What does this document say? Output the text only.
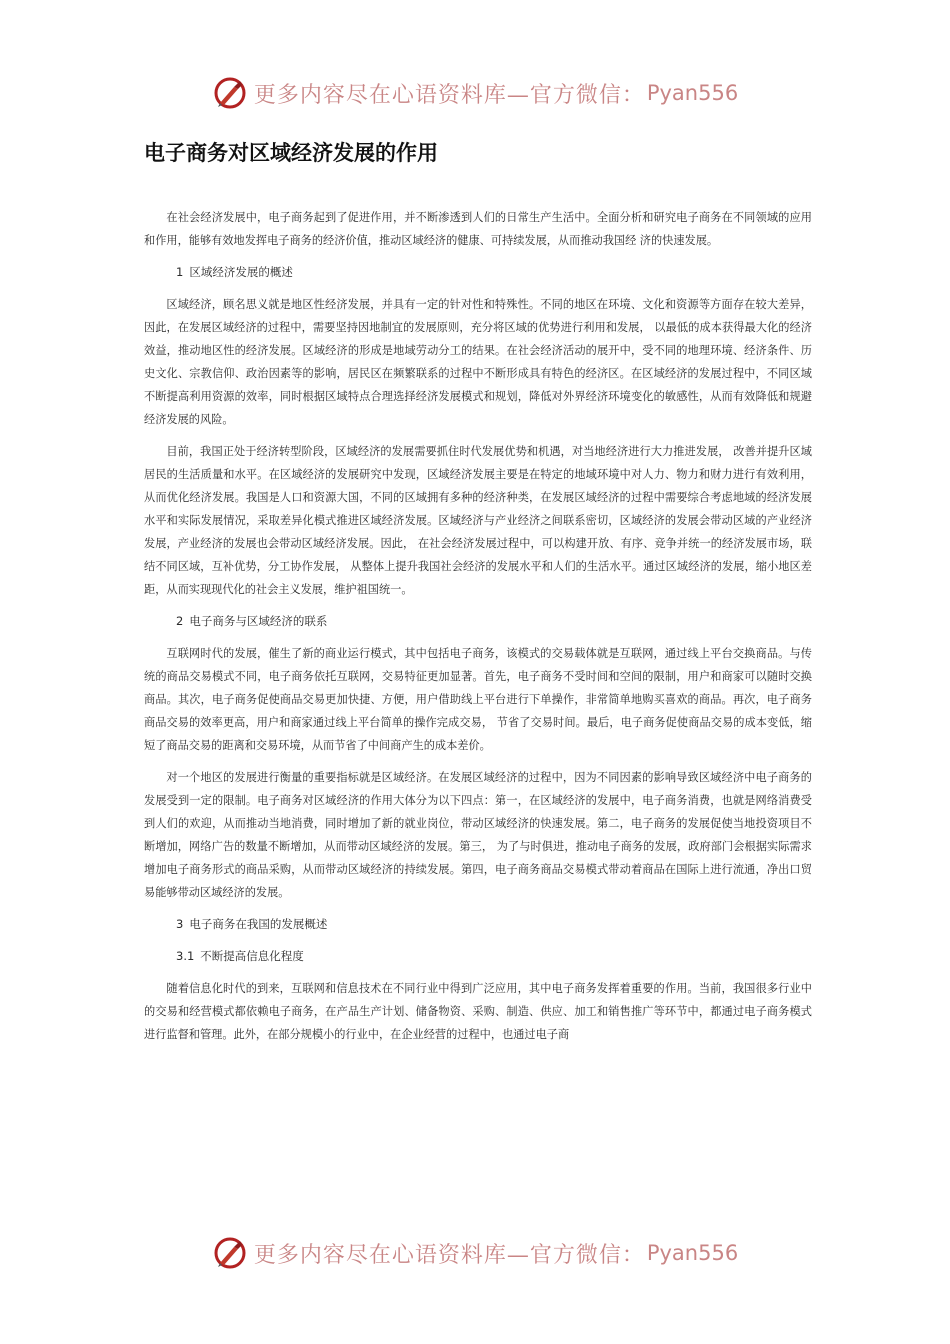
更多内容尽在心语资料库—官方微信： Pyan556
电子商务对区域经济发展的作用
在社会经济发展中，电子商务起到了促进作用，并不断渗透到人们的日常生产生活中。全面分析和研究电子商务在不同领域的应用和作用，能够有效地发挥电子商务的经济价值，推动区域经济的健康、可持续发展，从而推动我国经 济的快速发展。
1 区域经济发展的概述
区域经济，顾名思义就是地区性经济发展，并具有一定的针对性和特殊性。不同的地区在环境、文化和资源等方面存在较大差异，因此，在发展区域经济的过程中，需要坚持因地制宜的发展原则，充分将区域的优势进行利用和发展， 以最低的成本获得最大化的经济效益，推动地区性的经济发展。区域经济的形成是地域劳动分工的结果。在社会经济活动的展开中，受不同的地理环境、经济条件、历史文化、宗教信仰、政治因素等的影响，居民区在频繁联系的过程中不断形成具有特色的经济区。在区域经济的发展过程中，不同区域不断提高利用资源的效率，同时根据区域特点合理选择经济发展模式和规划，降低对外界经济环境变化的敏感性，从而有效降低和规避经济发展的风险。
目前，我国正处于经济转型阶段，区域经济的发展需要抓住时代发展优势和机遇，对当地经济进行大力推进发展， 改善并提升区域居民的生活质量和水平。在区域经济的发展研究中发现，区域经济发展主要是在特定的地域环境中对人力、物力和财力进行有效利用，从而优化经济发展。我国是人口和资源大国，不同的区域拥有多种的经济种类，在发展区域经济的过程中需要综合考虑地域的经济发展水平和实际发展情况，采取差异化模式推进区域经济发展。区域经济与产业经济之间联系密切，区域经济的发展会带动区域的产业经济发展，产业经济的发展也会带动区域经济发展。因此， 在社会经济发展过程中，可以构建开放、有序、竞争并统一的经济发展市场，联结不同区域，互补优势，分工协作发展， 从整体上提升我国社会经济的发展水平和人们的生活水平。通过区域经济的发展，缩小地区差距，从而实现现代化的社会主义发展，维护祖国统一。
2 电子商务与区域经济的联系
互联网时代的发展，催生了新的商业运行模式，其中包括电子商务，该模式的交易载体就是互联网，通过线上平台交换商品。与传统的商品交易模式不同，电子商务依托互联网，交易特征更加显著。首先，电子商务不受时间和空间的限制，用户和商家可以随时交换商品。其次，电子商务促使商品交易更加快捷、方便，用户借助线上平台进行下单操作，非常简单地购买喜欢的商品。再次，电子商务商品交易的效率更高，用户和商家通过线上平台简单的操作完成交易， 节省了交易时间。最后，电子商务促使商品交易的成本变低，缩短了商品交易的距离和交易环境，从而节省了中间商产生的成本差价。
对一个地区的发展进行衡量的重要指标就是区域经济。在发展区域经济的过程中，因为不同因素的影响导致区域经济中电子商务的发展受到一定的限制。电子商务对区域经济的作用大体分为以下四点：第一，在区域经济的发展中，电子商务消费，也就是网络消费受到人们的欢迎，从而推动当地消费，同时增加了新的就业岗位，带动区域经济的快速发展。第二，电子商务的发展促使当地投资项目不断增加，网络广告的数量不断增加，从而带动区域经济的发展。第三， 为了与时俱进，推动电子商务的发展，政府部门会根据实际需求增加电子商务形式的商品采购，从而带动区域经济的持续发展。第四，电子商务商品交易模式带动着商品在国际上进行流通，净出口贸易能够带动区域经济的发展。
3 电子商务在我国的发展概述
3.1 不断提高信息化程度
随着信息化时代的到来，互联网和信息技术在不同行业中得到广泛应用，其中电子商务发挥着重要的作用。当前，我国很多行业中的交易和经营模式都依赖电子商务，在产品生产计划、储备物资、采购、制造、供应、加工和销售推广等环节中，都通过电子商务模式进行监督和管理。此外，在部分规模小的行业中，在企业经营的过程中，也通过电子商
更多内容尽在心语资料库—官方微信： Pyan556
